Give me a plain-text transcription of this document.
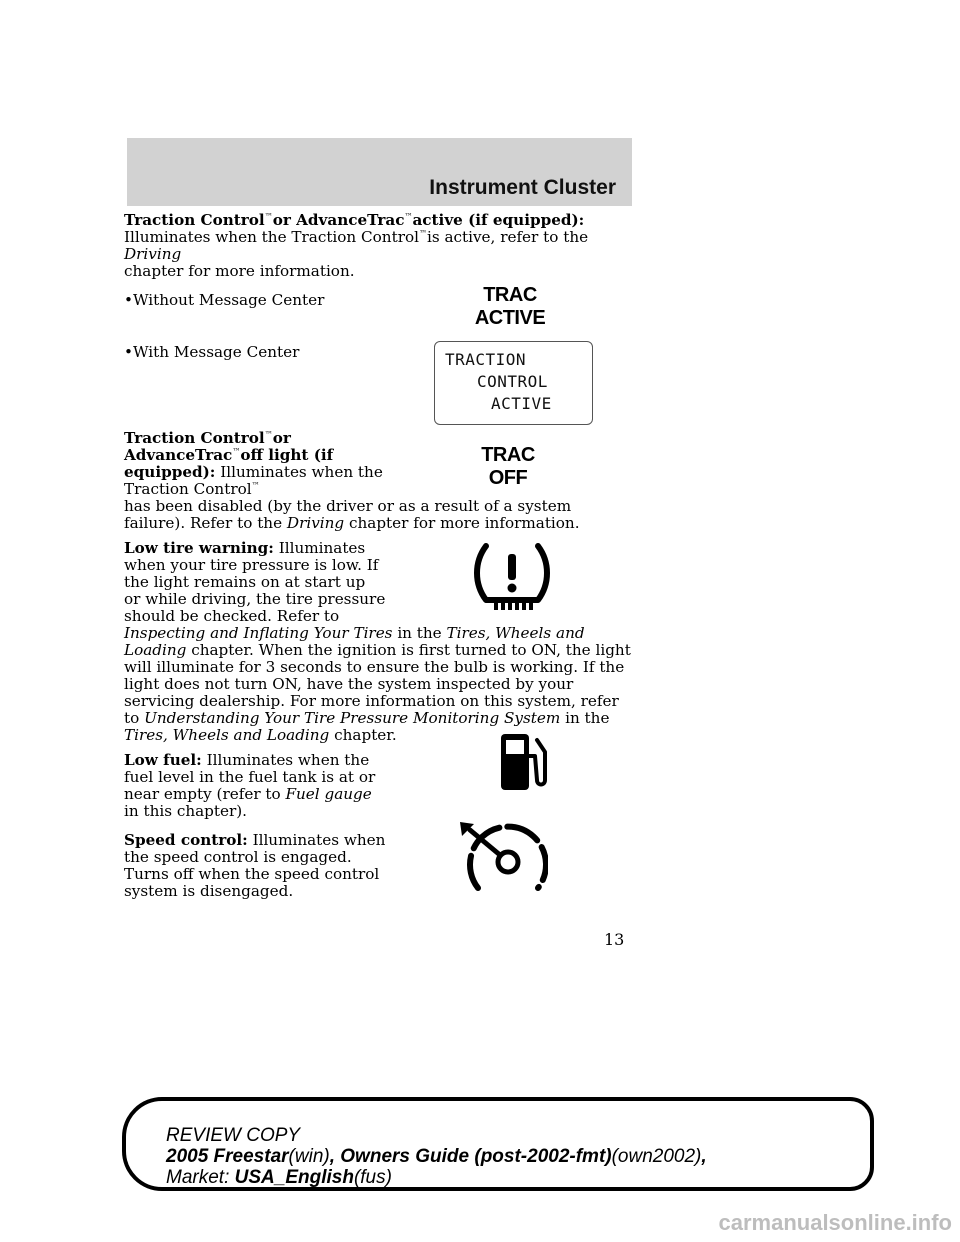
Instrument Cluster

Traction Control™or AdvanceTrac™active (if equipped):
Illuminates when the Traction Control™is active, refer to the Driving
chapter for more information.

•Without Message Center

•With Message Center

Traction Control™or AdvanceTrac™off light (if equipped): Illuminates when the Traction Control™

has been disabled (by the driver or as a result of a system failure). Refer to the Driving chapter for more information.

Low tire warning: Illuminates when your tire pressure is low. If the light remains on at start up or while driving, the tire pressure should be checked. Refer to
Inspecting and Inflating Your Tires in the Tires, Wheels and Loading chapter. When the ignition is first turned to ON, the light will illuminate for 3 seconds to ensure the bulb is working. If the light does not turn ON, have the system inspected by your servicing dealership. For more information on this system, refer to Understanding Your Tire Pressure Monitoring System in the Tires, Wheels and Loading chapter.

Low fuel: Illuminates when the fuel level in the fuel tank is at or near empty (refer to Fuel gauge in this chapter).

Speed control: Illuminates when the speed control is engaged. Turns off when the speed control system is disengaged.

TRAC
ACTIVE
TRACTION
CONTROL
ACTIVE
TRAC
OFF
13
REVIEW COPY
2005 Freestar(win), Owners Guide (post-2002-fmt)(own2002),
Market: USA_English(fus)
carmanualsonline.info
